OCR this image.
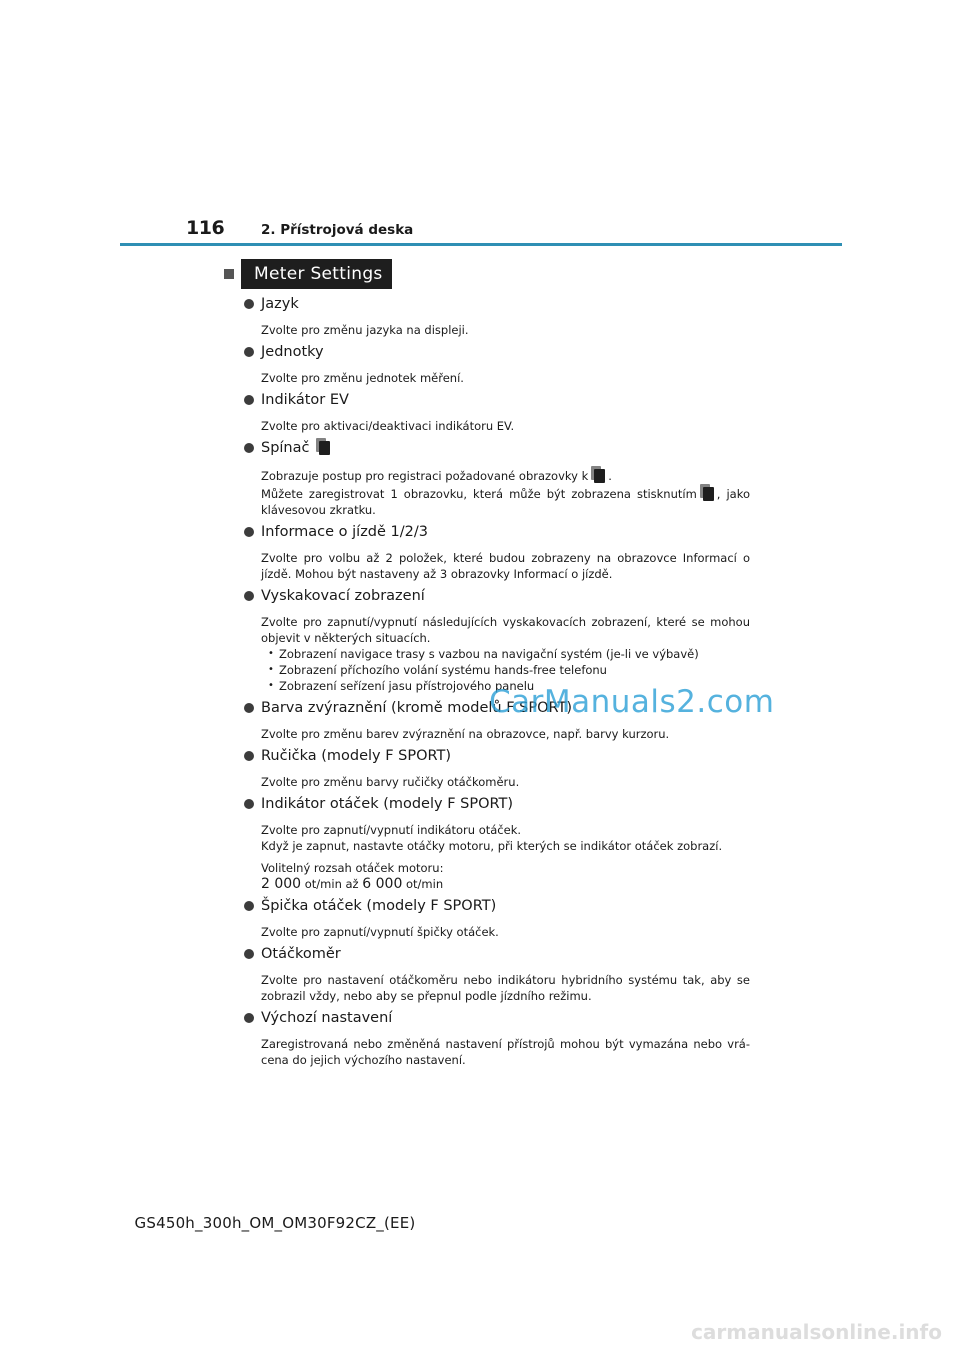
116	2. Přístrojová deska
Meter Settings
Jazyk

Zvolte pro změnu jazyka na displeji.

Jednotky

Zvolte pro změnu jednotek měření.

Indikátor EV

Zvolte pro aktivaci/deaktivaci indikátoru EV.

Spínač

Zobrazuje postup pro registraci požadované obrazovky k .

Můžete zaregistrovat 1 obrazovku, která může být zobrazena stisknutím , jako klávesovou zkratku.

Informace o jízdě 1/2/3

Zvolte pro volbu až 2 položek, které budou zobrazeny na obrazovce Informací o jízdě. Mohou být nastaveny až 3 obrazovky Informací o jízdě.

Vyskakovací zobrazení

Zvolte pro zapnutí/vypnutí následujících vyskakovacích zobrazení, které se mohou objevit v některých situacích.

• Zobrazení navigace trasy s vazbou na navigační systém (je-li ve výbavě)
• Zobrazení příchozího volání systému hands-free telefonu
• Zobrazení seřízení jasu přístrojového panelu
Barva zvýraznění (kromě modelů F SPORT)

Zvolte pro změnu barev zvýraznění na obrazovce, např. barvy kurzoru.

Ručička (modely F SPORT)

Zvolte pro změnu barvy ručičky otáčkoměru.

Indikátor otáček (modely F SPORT)

Zvolte pro zapnutí/vypnutí indikátoru otáček.

Když je zapnut, nastavte otáčky motoru, při kterých se indikátor otáček zobrazí.

Volitelný rozsah otáček motoru:

2 000 ot/min až 6 000 ot/min

Špička otáček (modely F SPORT)

Zvolte pro zapnutí/vypnutí špičky otáček.

Otáčkoměr

Zvolte pro nastavení otáčkoměru nebo indikátoru hybridního systému tak, aby se zobrazil vždy, nebo aby se přepnul podle jízdního režimu.

Výchozí nastavení

Zaregistrovaná nebo změněná nastavení přístrojů mohou být vymazána nebo vrá-cena do jejich výchozího nastavení.

CarManuals2.com
GS450h_300h_OM_OM30F92CZ_(EE)
carmanualsonline.info
